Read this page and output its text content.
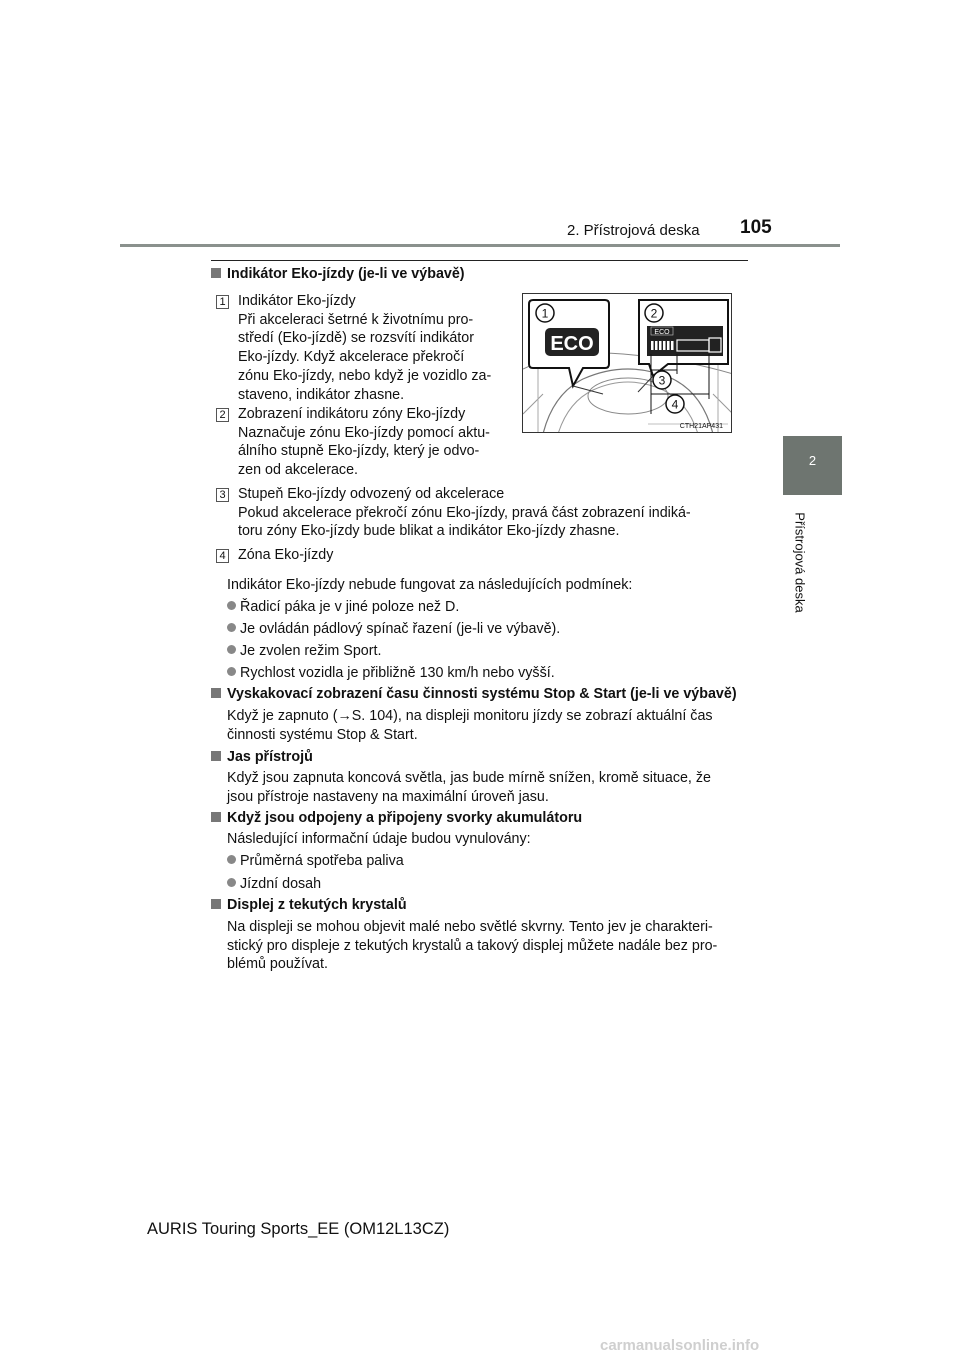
2. Přístrojová deska 105
2
Přístrojová deska
Indikátor Eko-jízdy (je-li ve výbavě)
1 Indikátor Eko-jízdy
Při akceleraci šetrné k životnímu pro-
středí (Eko-jízdě) se rozsvítí indikátor
Eko-jízdy. Když akcelerace překročí
zónu Eko-jízdy, nebo když je vozidlo za-
staveno, indikátor zhasne.
2 Zobrazení indikátoru zóny Eko-jízdy
Naznačuje zónu Eko-jízdy pomocí aktu-
álního stupně Eko-jízdy, který je odvo-
zen od akcelerace.
1
ECO
2
ECO
3
4
CTH21AP431
3 Stupeň Eko-jízdy odvozený od akcelerace
Pokud akcelerace překročí zónu Eko-jízdy, pravá část zobrazení indiká-
toru zóny Eko-jízdy bude blikat a indikátor Eko-jízdy zhasne.
4 Zóna Eko-jízdy
Indikátor Eko-jízdy nebude fungovat za následujících podmínek:
Řadicí páka je v jiné poloze než D.
Je ovládán pádlový spínač řazení (je-li ve výbavě).
Je zvolen režim Sport.
Rychlost vozidla je přibližně 130 km/h nebo vyšší.
Vyskakovací zobrazení času činnosti systému Stop & Start (je-li ve výbavě)
Když je zapnuto (→S. 104), na displeji monitoru jízdy se zobrazí aktuální čas
činnosti systému Stop & Start.
Jas přístrojů
Když jsou zapnuta koncová světla, jas bude mírně snížen, kromě situace, že
jsou přístroje nastaveny na maximální úroveň jasu.
Když jsou odpojeny a připojeny svorky akumulátoru
Následující informační údaje budou vynulovány:
Průměrná spotřeba paliva
Jízdní dosah
Displej z tekutých krystalů
Na displeji se mohou objevit malé nebo světlé skvrny. Tento jev je charakteri-
stický pro displeje z tekutých krystalů a takový displej můžete nadále bez pro-
blémů používat.
AURIS Touring Sports_EE (OM12L13CZ)
carmanualsonline.info
